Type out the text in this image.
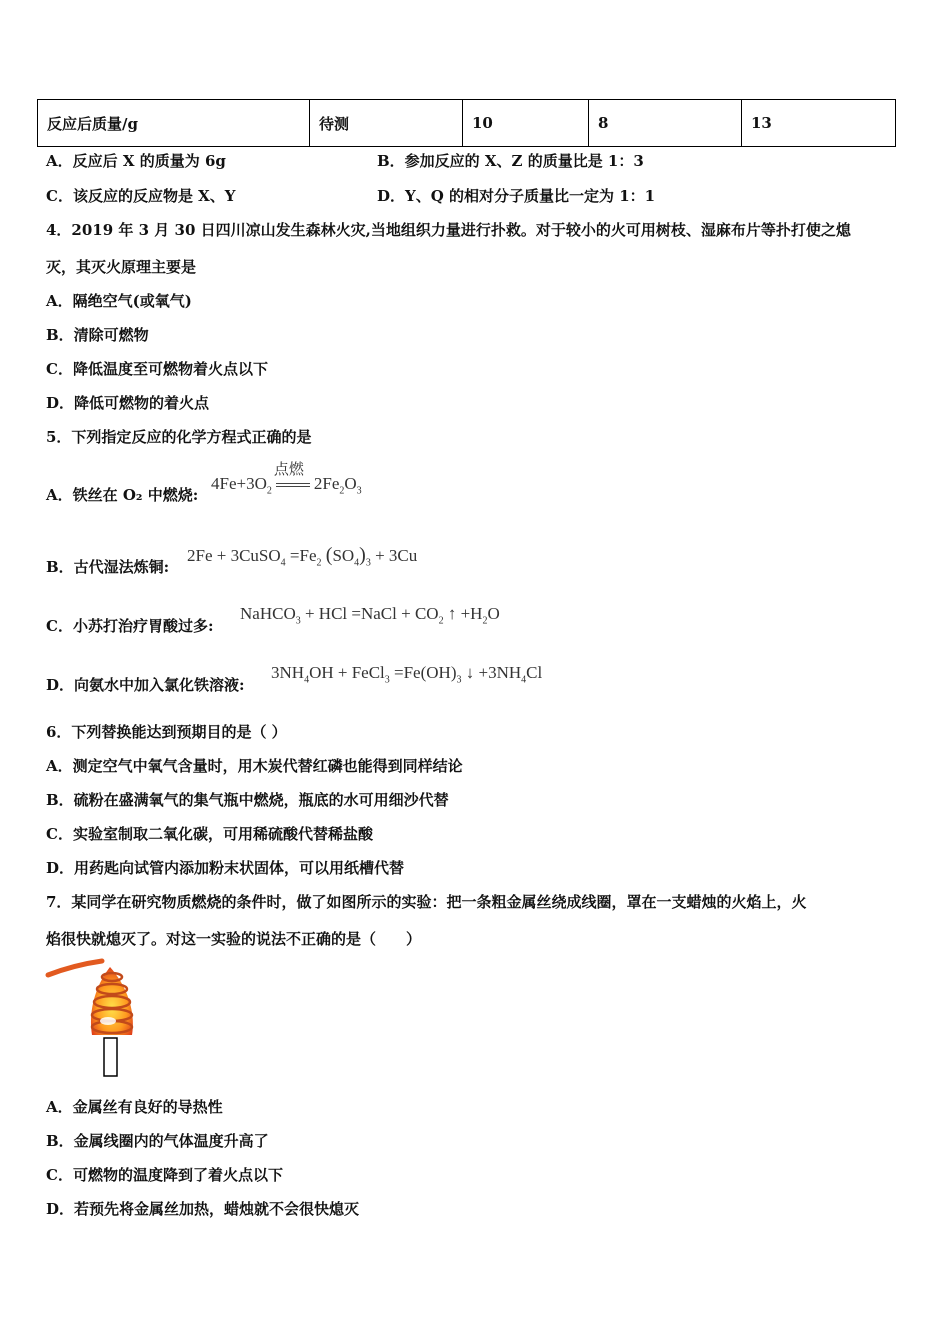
反应后质量/g	待测	10	8	13
A．反应后 X 的质量为 6g	B．参加反应的 X、Z 的质量比是 1：3
C．该反应的反应物是 X、Y	D．Y、Q 的相对分子质量比一定为 1：1
4．2019 年 3 月 30 日四川凉山发生森林火灾,当地组织力量进行扑救。对于较小的火可用树枝、湿麻布片等扑打使之熄
灭，其灭火原理主要是
A．隔绝空气(或氧气)
B．清除可燃物
C．降低温度至可燃物着火点以下
D．降低可燃物的着火点
5．下列指定反应的化学方程式正确的是
A．铁丝在 O₂ 中燃烧:
$4Fe+3O_2$
点燃
$2Fe_2O_3$
B．古代湿法炼铜:
2Fe + 3CuSO$_4$ $=Fe_2$ $(SO_4)_3 + 3Cu$
C．小苏打治疗胃酸过多:
NaHCO$_3$ + HCl =NaCl + $CO_2$ ↑ $+H_2O$
D．向氨水中加入氯化铁溶液:
$3NH_4OH$ + FeCl$_3$ $=Fe(OH)_3$ ↓ $+3NH_4Cl$
6．下列替换能达到预期目的是（ ）
A．测定空气中氧气含量时，用木炭代替红磷也能得到同样结论
B．硫粉在盛满氧气的集气瓶中燃烧，瓶底的水可用细沙代替
C．实验室制取二氧化碳，可用稀硫酸代替稀盐酸
D．用药匙向试管内添加粉末状固体，可以用纸槽代替
7．某同学在研究物质燃烧的条件时，做了如图所示的实验：把一条粗金属丝绕成线圈，罩在一支蜡烛的火焰上，火
焰很快就熄灭了。对这一实验的说法不正确的是（　　）
A．金属丝有良好的导热性
B．金属线圈内的气体温度升高了
C．可燃物的温度降到了着火点以下
D．若预先将金属丝加热，蜡烛就不会很快熄灭
